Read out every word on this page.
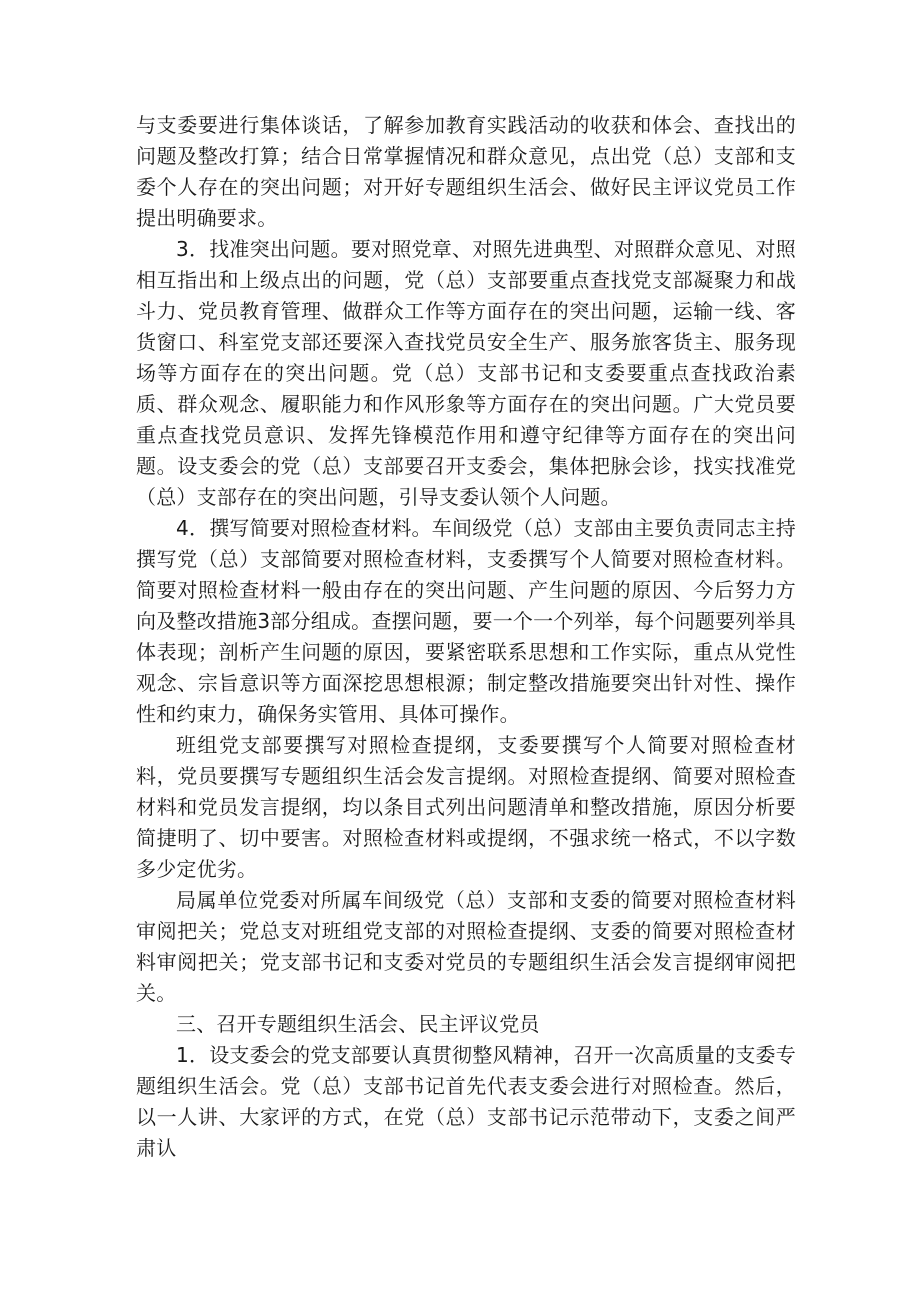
与支委要进行集体谈话，了解参加教育实践活动的收获和体会、查找出的问题及整改打算；结合日常掌握情况和群众意见，点出党（总）支部和支委个人存在的突出问题；对开好专题组织生活会、做好民主评议党员工作提出明确要求。

3．找准突出问题。要对照党章、对照先进典型、对照群众意见、对照相互指出和上级点出的问题，党（总）支部要重点查找党支部凝聚力和战斗力、党员教育管理、做群众工作等方面存在的突出问题，运输一线、客货窗口、科室党支部还要深入查找党员安全生产、服务旅客货主、服务现场等方面存在的突出问题。党（总）支部书记和支委要重点查找政治素质、群众观念、履职能力和作风形象等方面存在的突出问题。广大党员要重点查找党员意识、发挥先锋模范作用和遵守纪律等方面存在的突出问题。设支委会的党（总）支部要召开支委会，集体把脉会诊，找实找准党（总）支部存在的突出问题，引导支委认领个人问题。

4．撰写简要对照检查材料。车间级党（总）支部由主要负责同志主持撰写党（总）支部简要对照检查材料，支委撰写个人简要对照检查材料。简要对照检查材料一般由存在的突出问题、产生问题的原因、今后努力方向及整改措施3部分组成。查摆问题，要一个一个列举，每个问题要列举具体表现；剖析产生问题的原因，要紧密联系思想和工作实际，重点从党性观念、宗旨意识等方面深挖思想根源；制定整改措施要突出针对性、操作性和约束力，确保务实管用、具体可操作。

班组党支部要撰写对照检查提纲，支委要撰写个人简要对照检查材料，党员要撰写专题组织生活会发言提纲。对照检查提纲、简要对照检查材料和党员发言提纲，均以条目式列出问题清单和整改措施，原因分析要简捷明了、切中要害。对照检查材料或提纲，不强求统一格式，不以字数多少定优劣。

局属单位党委对所属车间级党（总）支部和支委的简要对照检查材料审阅把关；党总支对班组党支部的对照检查提纲、支委的简要对照检查材料审阅把关；党支部书记和支委对党员的专题组织生活会发言提纲审阅把关。

三、召开专题组织生活会、民主评议党员

1．设支委会的党支部要认真贯彻整风精神，召开一次高质量的支委专题组织生活会。党（总）支部书记首先代表支委会进行对照检查。然后，以一人讲、大家评的方式，在党（总）支部书记示范带动下，支委之间严肃认
